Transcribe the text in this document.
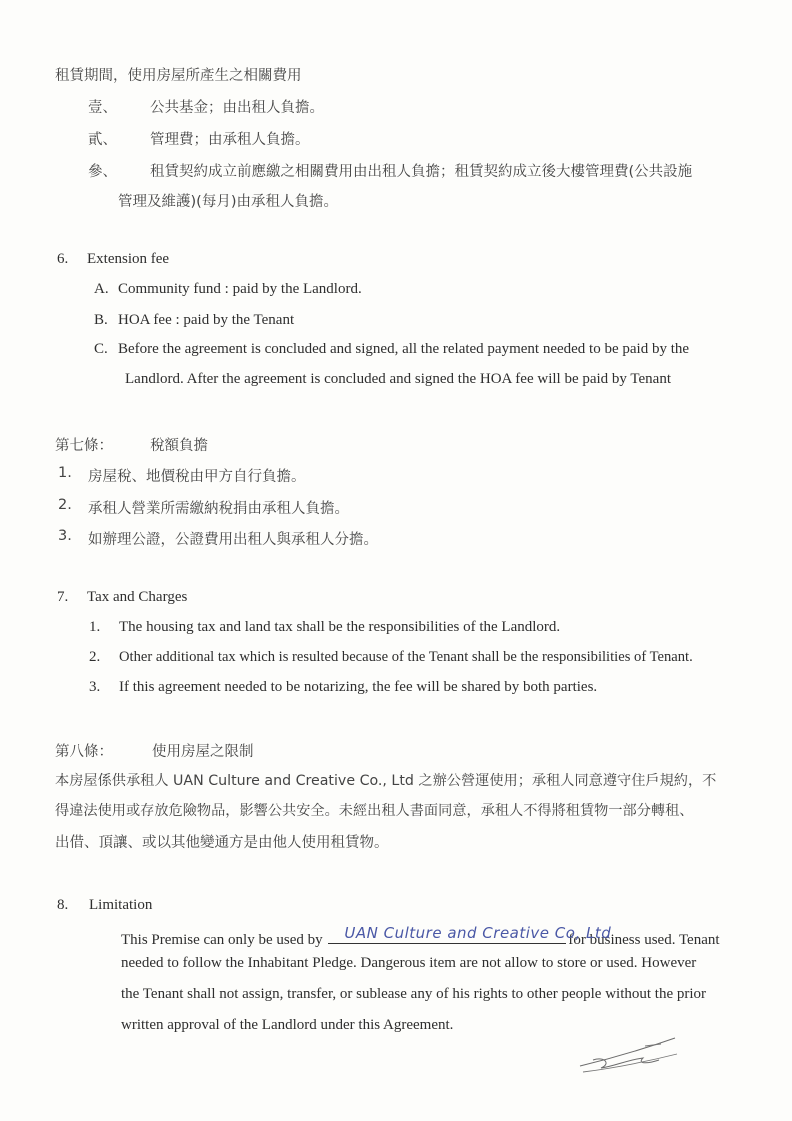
租賃期間，使用房屋所產生之相關費用
壹、 公共基金；由出租人負擔。
貳、 管理費；由承租人負擔。
參、 租賃契約成立前應繳之相關費用由出租人負擔；租賃契約成立後大樓管理費(公共設施
管理及維護)(每月)由承租人負擔。
6. Extension fee
A. Community fund : paid by the Landlord.
B. HOA fee : paid by the Tenant
C. Before the agreement is concluded and signed, all the related payment needed to be paid by the
Landlord. After the agreement is concluded and signed the HOA fee will be paid by Tenant
第七條：	稅額負擔
1. 房屋稅、地價稅由甲方自行負擔。
2. 承租人營業所需繳納稅捐由承租人負擔。
3. 如辦理公證，公證費用出租人與承租人分擔。
7. Tax and Charges
1. The housing tax and land tax shall be the responsibilities of the Landlord.
2. Other additional tax which is resulted because of the Tenant shall be the responsibilities of Tenant.
3. If this agreement needed to be notarizing, the fee will be shared by both parties.
第八條：	使用房屋之限制
本房屋係供承租人 UAN Culture and Creative Co., Ltd 之辦公營運使用；承租人同意遵守住戶規約，不
得違法使用或存放危險物品，影響公共安全。未經出租人書面同意，承租人不得將租賃物一部分轉租、
出借、頂讓、或以其他變通方是由他人使用租賃物。
8. Limitation
This Premise can only be used by UAN Culture and Creative Co, Ltd
for business used. Tenant
needed to follow the Inhabitant Pledge. Dangerous item are not allow to store or used. However
the Tenant shall not assign, transfer, or sublease any of his rights to other people without the prior
written approval of the Landlord under this Agreement.
